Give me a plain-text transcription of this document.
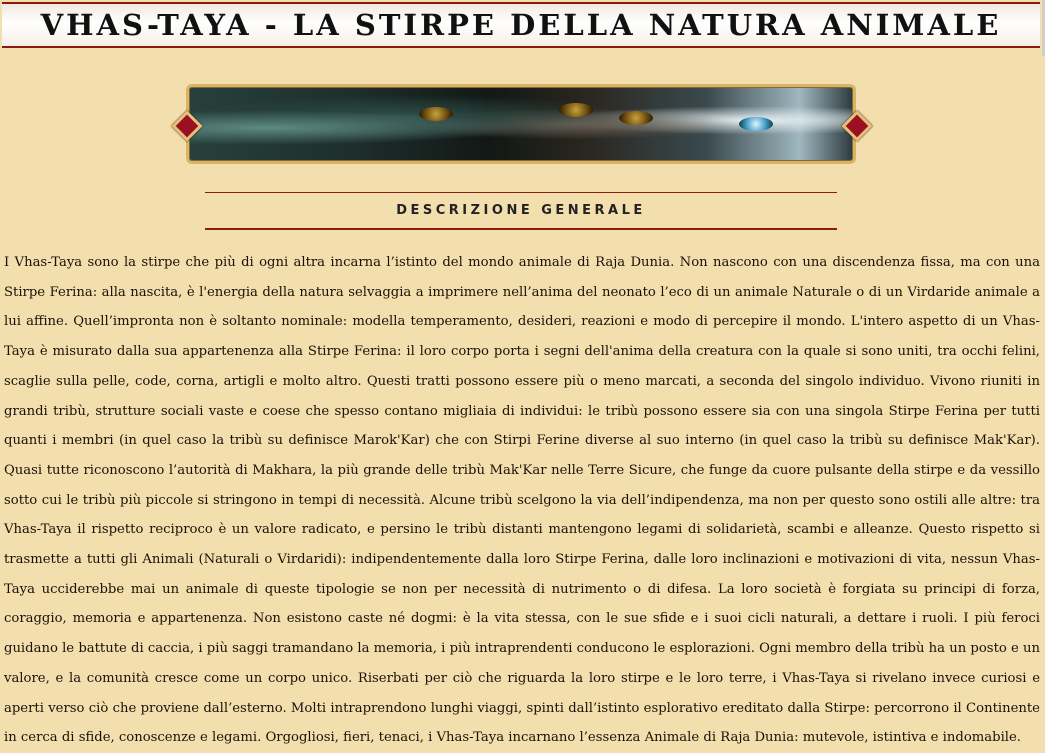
VHAS-TAYA - LA STIRPE DELLA NATURA ANIMALE
DESCRIZIONE GENERALE

I Vhas-Taya sono la stirpe che più di ogni altra incarna l’istinto del mondo animale di Raja Dunia. Non nascono con una discendenza fissa, ma con una Stirpe Ferina: alla nascita, è l'energia della natura selvaggia a imprimere nell’anima del neonato l’eco di un animale Naturale o di un Virdaride animale a lui affine. Quell’impronta non è soltanto nominale: modella temperamento, desideri, reazioni e modo di percepire il mondo. L'intero aspetto di un Vhas-Taya è misurato dalla sua appartenenza alla Stirpe Ferina: il loro corpo porta i segni dell'anima della creatura con la quale si sono uniti, tra occhi felini, scaglie sulla pelle, code, corna, artigli e molto altro. Questi tratti possono essere più o meno marcati, a seconda del singolo individuo. Vivono riuniti in grandi tribù, strutture sociali vaste e coese che spesso contano migliaia di individui: le tribù possono essere sia con una singola Stirpe Ferina per tutti quanti i membri (in quel caso la tribù su definisce Marok'Kar) che con Stirpi Ferine diverse al suo interno (in quel caso la tribù su definisce Mak'Kar). Quasi tutte riconoscono l’autorità di Makhara, la più grande delle tribù Mak'Kar nelle Terre Sicure, che funge da cuore pulsante della stirpe e da vessillo sotto cui le tribù più piccole si stringono in tempi di necessità. Alcune tribù scelgono la via dell’indipendenza, ma non per questo sono ostili alle altre: tra Vhas-Taya il rispetto reciproco è un valore radicato, e persino le tribù distanti mantengono legami di solidarietà, scambi e alleanze. Questo rispetto si trasmette a tutti gli Animali (Naturali o Virdaridi): indipendentemente dalla loro Stirpe Ferina, dalle loro inclinazioni e motivazioni di vita, nessun Vhas-Taya ucciderebbe mai un animale di queste tipologie se non per necessità di nutrimento o di difesa. La loro società è forgiata su principi di forza, coraggio, memoria e appartenenza. Non esistono caste né dogmi: è la vita stessa, con le sue sfide e i suoi cicli naturali, a dettare i ruoli. I più feroci guidano le battute di caccia, i più saggi tramandano la memoria, i più intraprendenti conducono le esplorazioni. Ogni membro della tribù ha un posto e un valore, e la comunità cresce come un corpo unico. Riserbati per ciò che riguarda la loro stirpe e le loro terre, i Vhas-Taya si rivelano invece curiosi e aperti verso ciò che proviene dall’esterno. Molti intraprendono lunghi viaggi, spinti dall’istinto esplorativo ereditato dalla Stirpe: percorrono il Continente in cerca di sfide, conoscenze e legami. Orgogliosi, fieri, tenaci, i Vhas-Taya incarnano l’essenza Animale di Raja Dunia: mutevole, istintiva e indomabile.
